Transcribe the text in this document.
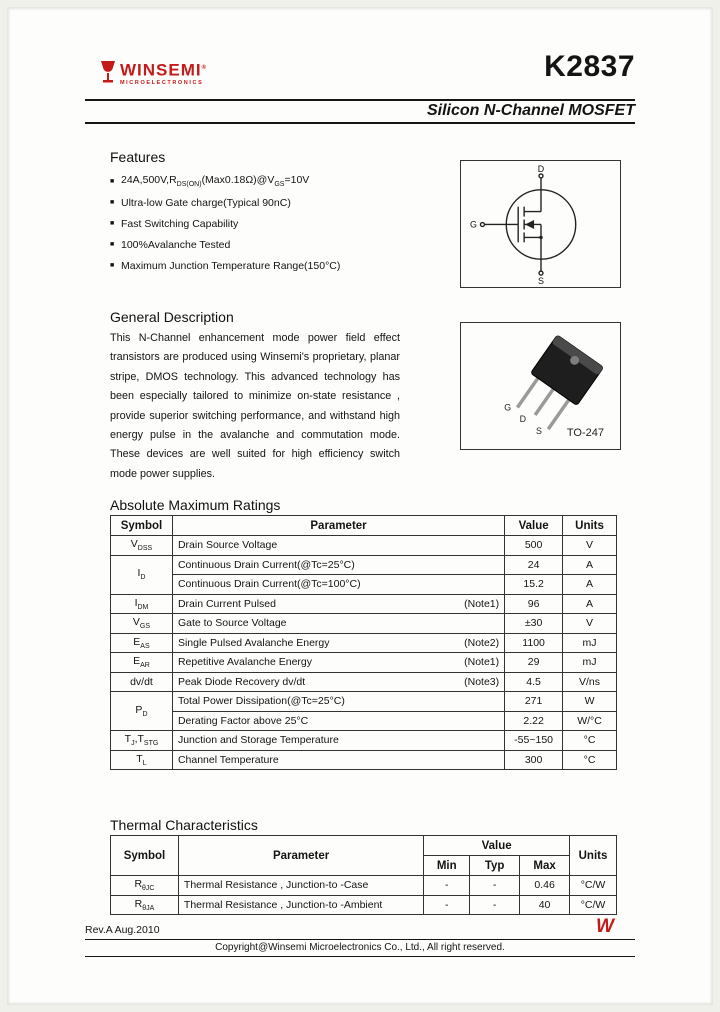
WINSEMI®
MICROELECTRONICS	K2837
Silicon N-Channel MOSFET
Features
■ $24A,500V,R_{DS(ON)}(Max0.18\Omega)@V_{GS}=10V$
■ Ultra-low Gate charge(Typical 90nC)
■ Fast Switching Capability
■ 100%Avalanche Tested
■ Maximum Junction Temperature Range(150°C)
D
G
S
General Description
This N-Channel enhancement mode power field effect transistors are produced using Winsemi's proprietary, planar stripe, DMOS technology. This advanced technology has been especially tailored to minimize on-state resistance , provide superior switching performance, and withstand high energy pulse in the avalanche and commutation mode. These devices are well suited for high efficiency switch mode power supplies.
G
D
S TO-247
Absolute Maximum Ratings
Symbol	Parameter	Value	Units
$V_{DSS}$	Drain Source Voltage	500	V
$I_D$	Continuous Drain Current(@Tc=25°C)	24	A
	Continuous Drain Current(@Tc=100°C)	15.2	A
$I_{DM}$	Drain Current Pulsed (Note1)	96	A
$V_{GS}$	Gate to Source Voltage	±30	V
$E_{AS}$	Single Pulsed Avalanche Energy (Note2)	1100	mJ
$E_{AR}$	Repetitive Avalanche Energy (Note1)	29	mJ
dv/dt	Peak Diode Recovery dv/dt (Note3)	4.5	V/ns
$P_D$	Total Power Dissipation(@Tc=25°C)	271	W
	Derating Factor above 25°C	2.22	W/°C
$T_J,T_{STG}$	Junction and Storage Temperature	-55~150	°C
$T_L$	Channel Temperature	300	°C
Thermal Characteristics
Symbol	Parameter	Value			Units
		Min	Typ	Max	
$R_{\theta JC}$	Thermal Resistance , Junction-to -Case	-	-	0.46	°C/W
$R_{\theta JA}$	Thermal Resistance , Junction-to -Ambient	-	-	40	°C/W
Rev.A Aug.2010	W
Copyright@Winsemi Microelectronics Co., Ltd., All right reserved.
